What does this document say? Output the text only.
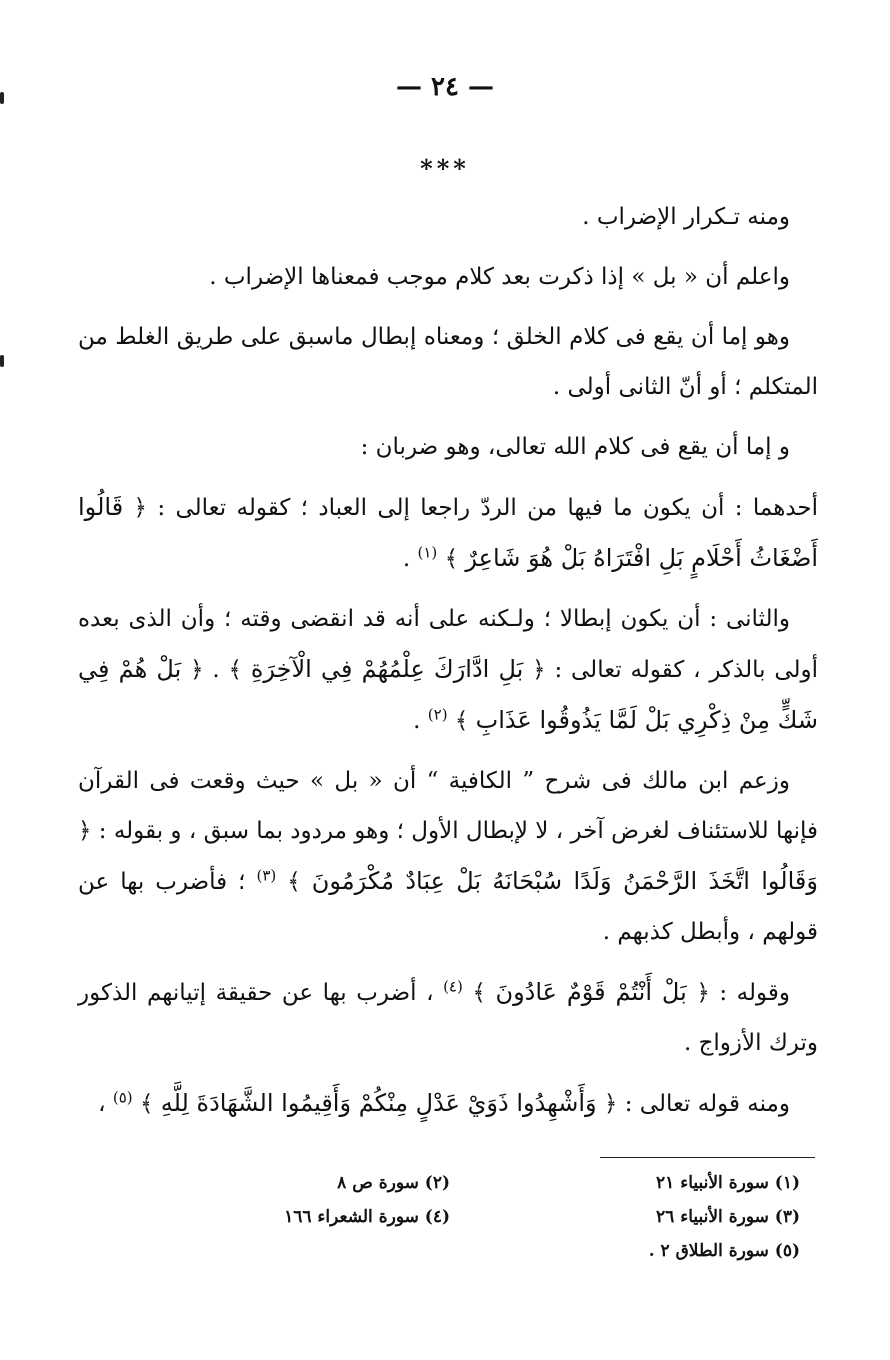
— ٢٤ —
***

ومنه تـكرار الإضراب .

واعلم أن « بل » إذا ذكرت بعد كلام موجب فمعناها الإضراب .

وهو إما أن يقع فى كلام الخلق ؛ ومعناه إبطال ماسبق على طريق الغلط من المتكلم ؛ أو أنّ الثانى أولى .

و إما أن يقع فى كلام الله تعالى، وهو ضربان :

أحدهما : أن يكون ما فيها من الردّ راجعا إلى العباد ؛ كقوله تعالى : ﴿ قَالُوا أَضْغَاثُ أَحْلَامٍ بَلِ افْتَرَاهُ بَلْ هُوَ شَاعِرٌ ﴾ $^{(١)}$ .

والثانى : أن يكون إبطالا ؛ ولـكنه على أنه قد انقضى وقته ؛ وأن الذى بعده أولى بالذكر ، كقوله تعالى : ﴿ بَلِ ادَّارَكَ عِلْمُهُمْ فِي الْآخِرَةِ ﴾ . ﴿ بَلْ هُمْ فِي شَكٍّ مِنْ ذِكْرِي بَلْ لَمَّا يَذُوقُوا عَذَابِ ﴾ $^{(٢)}$ .

وزعم ابن مالك فى شرح ” الكافية “ أن « بل » حيث وقعت فى القرآن فإنها للاستئناف لغرض آخر ، لا لإبطال الأول ؛ وهو مردود بما سبق ، و بقوله : ﴿ وَقَالُوا اتَّخَذَ الرَّحْمَنُ وَلَدًا سُبْحَانَهُ بَلْ عِبَادٌ مُكْرَمُونَ ﴾ $^{(٣)}$ ؛ فأضرب بها عن قولهم ، وأبطل كذبهم .

وقوله : ﴿ بَلْ أَنْتُمْ قَوْمٌ عَادُونَ ﴾ $^{(٤)}$ ، أضرب بها عن حقيقة إتيانهم الذكور وترك الأزواج .

ومنه قوله تعالى : ﴿ وَأَشْهِدُوا ذَوَيْ عَدْلٍ مِنْكُمْ وَأَقِيمُوا الشَّهَادَةَ لِلَّهِ ﴾ $^{(٥)}$ ،

(١) سورة الأنبياء ٢١
(٢) سورة ص ٨
(٣) سورة الأنبياء ٢٦
(٤) سورة الشعراء ١٦٦
(٥) سورة الطلاق ٢ .
